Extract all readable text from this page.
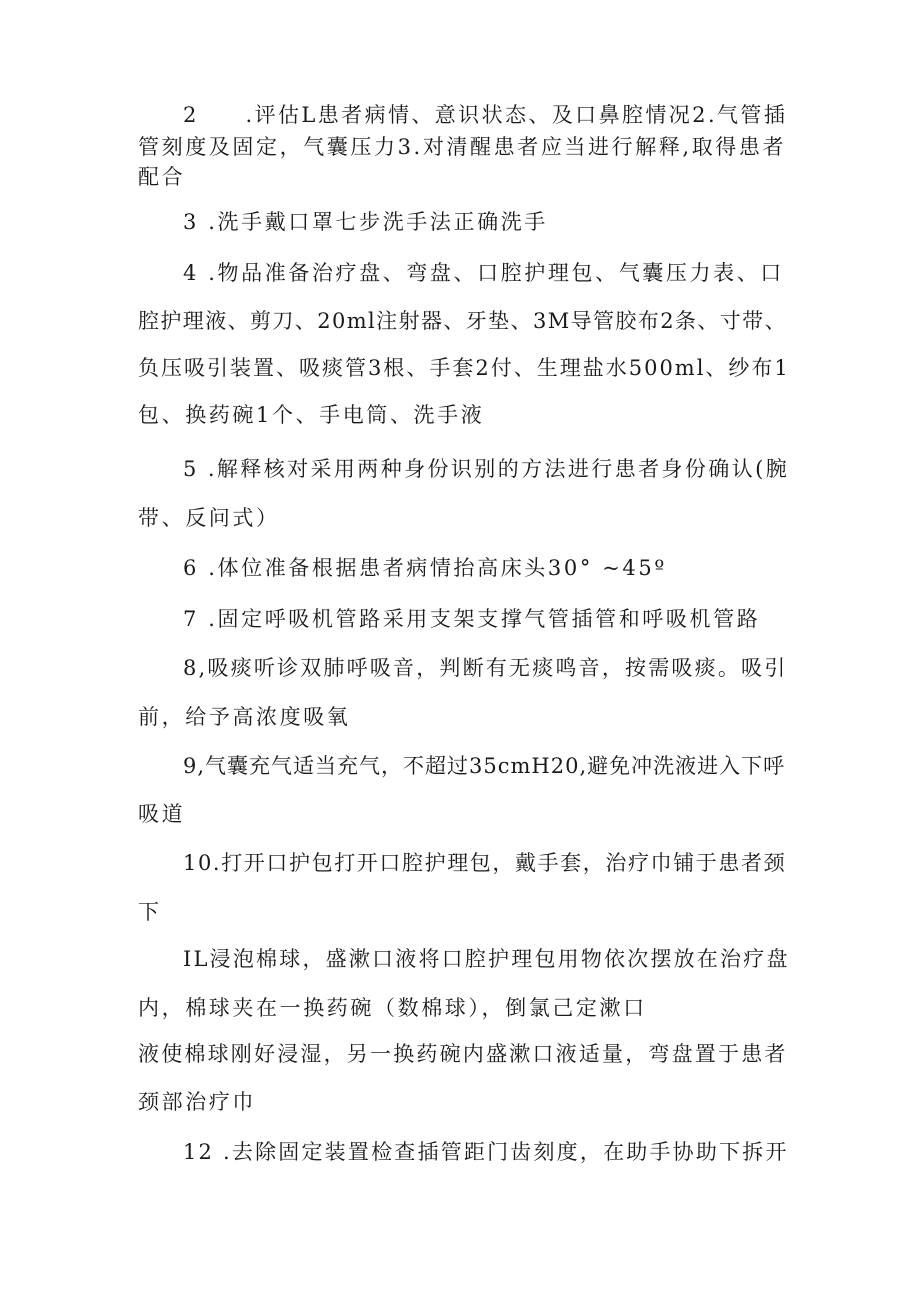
2　　.评估L患者病情、意识状态、及口鼻腔情况2.气管插
管刻度及固定，气囊压力3.对清醒患者应当进行解释,取得患者
配合
3 .洗手戴口罩七步洗手法正确洗手
4 .物品准备治疗盘、弯盘、口腔护理包、气囊压力表、口
腔护理液、剪刀、20ml注射器、牙垫、3M导管胶布2条、寸带、
负压吸引装置、吸痰管3根、手套2付、生理盐水500ml、纱布1
包、换药碗1个、手电筒、洗手液
5 .解释核对采用两种身份识别的方法进行患者身份确认(腕
带、反问式）
6 .体位准备根据患者病情抬高床头30° ~45º
7 .固定呼吸机管路采用支架支撑气管插管和呼吸机管路
8,吸痰听诊双肺呼吸音，判断有无痰鸣音，按需吸痰。吸引
前，给予高浓度吸氧
9,气囊充气适当充气，不超过35cmH20,避免冲洗液进入下呼
吸道
10.打开口护包打开口腔护理包，戴手套，治疗巾铺于患者颈
下
IL浸泡棉球，盛漱口液将口腔护理包用物依次摆放在治疗盘
内，棉球夹在一换药碗（数棉球），倒氯己定漱口
液使棉球刚好浸湿，另一换药碗内盛漱口液适量，弯盘置于患者
颈部治疗巾
12 .去除固定装置检查插管距门齿刻度，在助手协助下拆开
